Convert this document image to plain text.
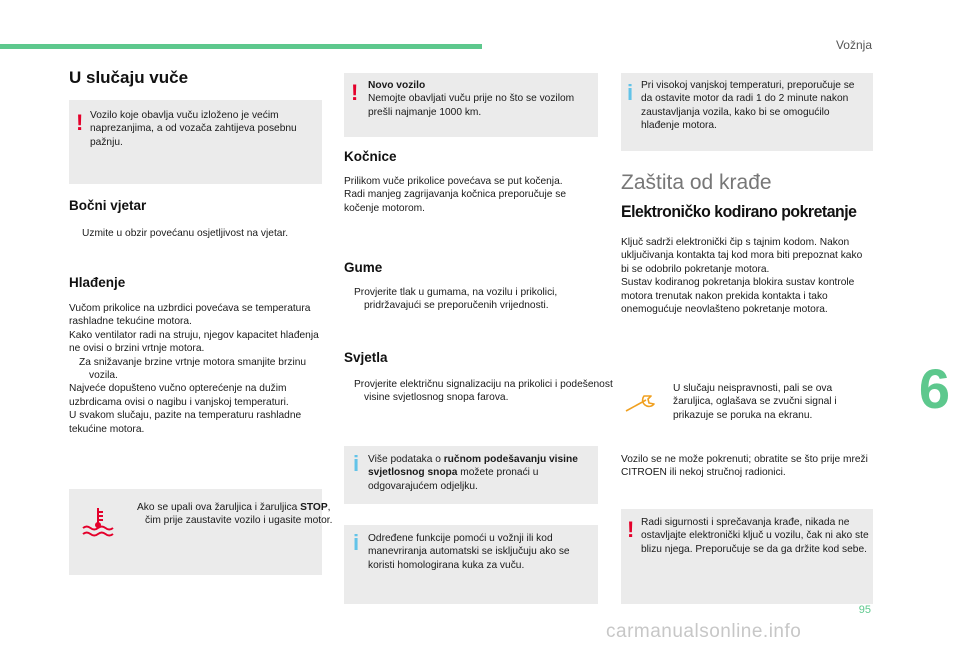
Vožnja
6
95
carmanualsonline.info
U slučaju vuče
! Vozilo koje obavlja vuču izloženo je većim naprezanjima, a od vozača zahtijeva posebnu pažnju.
Bočni vjetar
Uzmite u obzir povećanu osjetljivost na vjetar.
Hlađenje
Vučom prikolice na uzbrdici povećava se temperatura rashladne tekućine motora.
Kako ventilator radi na struju, njegov kapacitet hlađenja ne ovisi o brzini vrtnje motora.
Za snižavanje brzine vrtnje motora smanjite brzinu vozila.
Najveće dopušteno vučno opterećenje na dužim uzbrdicama ovisi o nagibu i vanjskoj temperaturi.
U svakom slučaju, pazite na temperaturu rashladne tekućine motora.
Ako se upali ova žaruljica i žaruljica STOP, čim prije zaustavite vozilo i ugasite motor.
! Novo vozilo
Nemojte obavljati vuču prije no što se vozilom prešli najmanje 1000 km.
Kočnice
Prilikom vuče prikolice povećava se put kočenja.
Radi manjeg zagrijavanja kočnica preporučuje se kočenje motorom.
Gume
Provjerite tlak u gumama, na vozilu i prikolici, pridržavajući se preporučenih vrijednosti.
Svjetla
Provjerite električnu signalizaciju na prikolici i podešenost visine svjetlosnog snopa farova.
i Više podataka o ručnom podešavanju visine svjetlosnog snopa možete pronaći u odgovarajućem odjeljku.
i Određene funkcije pomoći u vožnji ili kod manevriranja automatski se isključuju ako se koristi homologirana kuka za vuču.
i Pri visokoj vanjskoj temperaturi, preporučuje se da ostavite motor da radi 1 do 2 minute nakon zaustavljanja vozila, kako bi se omogućilo hlađenje motora.
Zaštita od krađe
Elektroničko kodirano pokretanje
Ključ sadrži elektronički čip s tajnim kodom. Nakon uključivanja kontakta taj kod mora biti prepoznat kako bi se odobrilo pokretanje motora.
Sustav kodiranog pokretanja blokira sustav kontrole motora trenutak nakon prekida kontakta i tako onemogućuje neovlašteno pokretanje motora.
U slučaju neispravnosti, pali se ova žaruljica, oglašava se zvučni signal i prikazuje se poruka na ekranu.
Vozilo se ne može pokrenuti; obratite se što prije mreži CITROEN ili nekoj stručnoj radionici.
! Radi sigurnosti i sprečavanja krađe, nikada ne ostavljajte elektronički ključ u vozilu, čak ni ako ste blizu njega. Preporučuje se da ga držite kod sebe.
